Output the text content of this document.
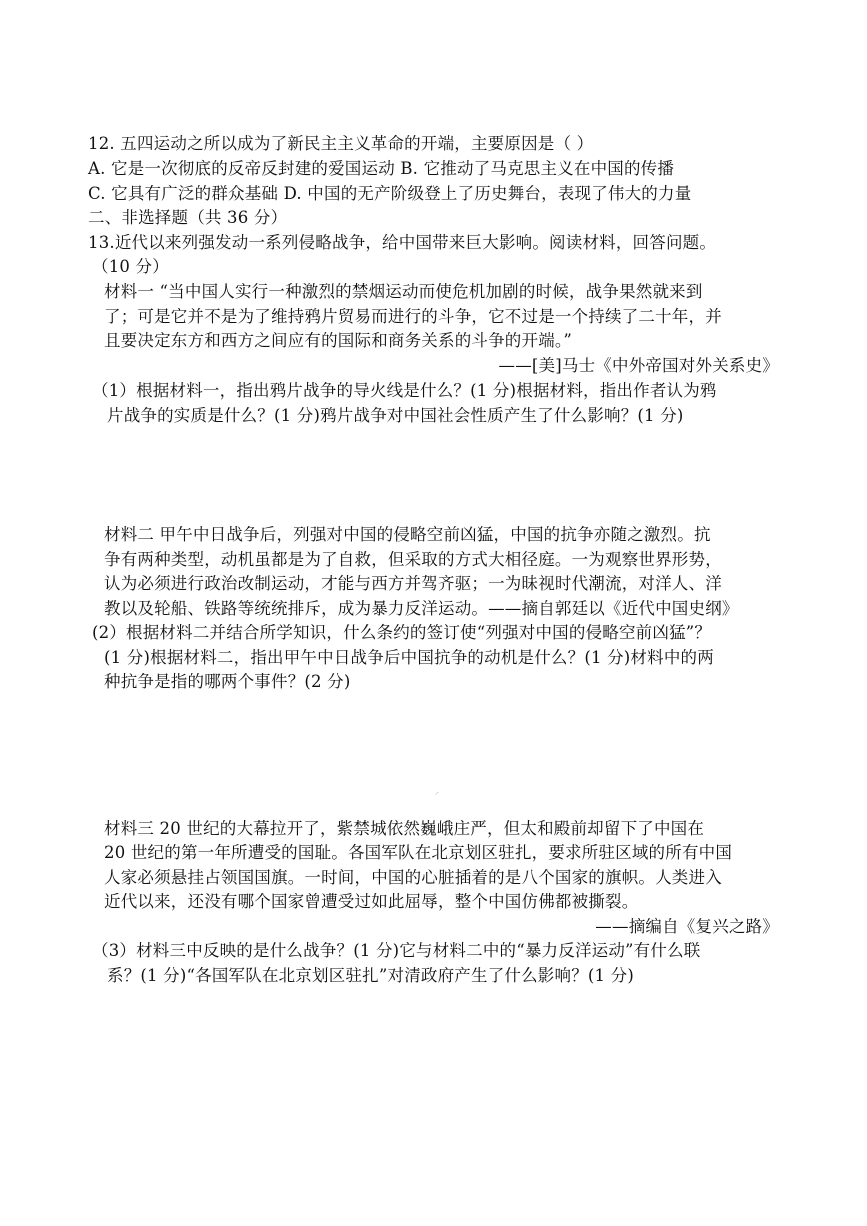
12. 五四运动之所以成为了新民主主义革命的开端，主要原因是（ ）
A. 它是一次彻底的反帝反封建的爱国运动 B. 它推动了马克思主义在中国的传播
C. 它具有广泛的群众基础 D. 中国的无产阶级登上了历史舞台，表现了伟大的力量
二、非选择题（共 36 分）
13.近代以来列强发动一系列侵略战争，给中国带来巨大影响。阅读材料，回答问题。
（10 分）
材料一 “当中国人实行一种激烈的禁烟运动而使危机加剧的时候，战争果然就来到
了；可是它并不是为了维持鸦片贸易而进行的斗争，它不过是一个持续了二十年，并
且要决定东方和西方之间应有的国际和商务关系的斗争的开端。”
——[美]马士《中外帝国对外关系史》
（1）根据材料一，指出鸦片战争的导火线是什么？(1 分)根据材料，指出作者认为鸦
片战争的实质是什么？(1 分)鸦片战争对中国社会性质产生了什么影响？(1 分)
材料二 甲午中日战争后，列强对中国的侵略空前凶猛，中国的抗争亦随之激烈。抗
争有两种类型，动机虽都是为了自救，但采取的方式大相径庭。一为观察世界形势，
认为必须进行政治改制运动，才能与西方并驾齐驱；一为昧视时代潮流，对洋人、洋
教以及轮船、铁路等统统排斥，成为暴力反洋运动。——摘自郭廷以《近代中国史纲》
(2）根据材料二并结合所学知识，什么条约的签订使“列强对中国的侵略空前凶猛”？
(1 分)根据材料二，指出甲午中日战争后中国抗争的动机是什么？(1 分)材料中的两
种抗争是指的哪两个事件？(2 分)
⸝
材料三 20 世纪的大幕拉开了，紫禁城依然巍峨庄严，但太和殿前却留下了中国在
20 世纪的第一年所遭受的国耻。各国军队在北京划区驻扎，要求所驻区域的所有中国
人家必须悬挂占领国国旗。一时间，中国的心脏插着的是八个国家的旗帜。人类进入
近代以来，还没有哪个国家曾遭受过如此屈辱，整个中国仿佛都被撕裂。
——摘编自《复兴之路》
（3）材料三中反映的是什么战争？(1 分)它与材料二中的“暴力反洋运动”有什么联
系？(1 分)“各国军队在北京划区驻扎”对清政府产生了什么影响？(1 分)
